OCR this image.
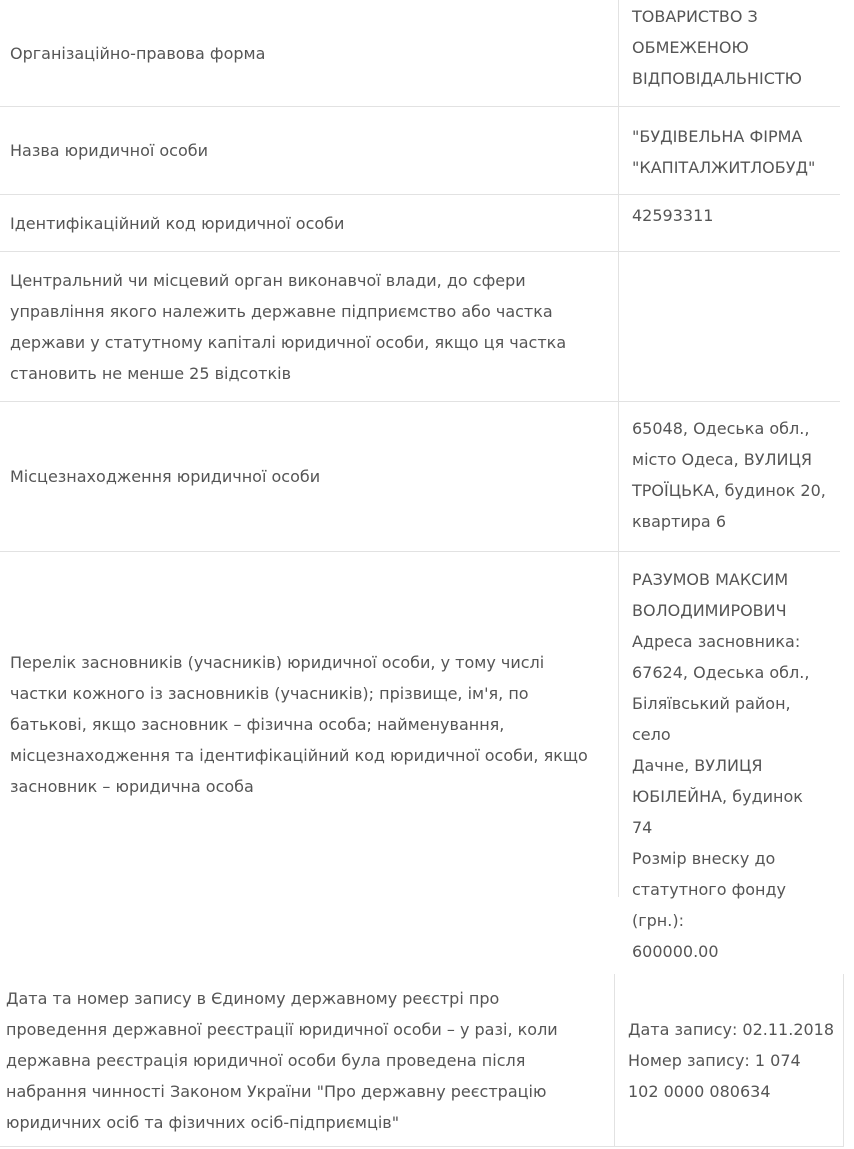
Організаційно-правова форма
ТОВАРИСТВО З
ОБМЕЖЕНОЮ
ВІДПОВІДАЛЬНІСТЮ
Назва юридичної особи
"БУДІВЕЛЬНА ФІРМА
"КАПІТАЛЖИТЛОБУД"
Ідентифікаційний код юридичної особи	42593311
Центральний чи місцевий орган виконавчої влади, до сфери управління якого належить державне підприємство або частка держави у статутному капіталі юридичної особи, якщо ця частка становить не менше 25 відсотків
Місцезнаходження юридичної особи
65048, Одеська обл.,
місто Одеса, ВУЛИЦЯ
ТРОЇЦЬКА, будинок 20,
квартира 6
Перелік засновників (учасників) юридичної особи, у тому числі частки кожного із засновників (учасників); прізвище, ім'я, по батькові, якщо засновник – фізична особа; найменування, місцезнаходження та ідентифікаційний код юридичної особи, якщо засновник – юридична особа
РАЗУМОВ МАКСИМ
ВОЛОДИМИРОВИЧ
Адреса засновника:
67624, Одеська обл.,
Біляївський район, село
Дачне, ВУЛИЦЯ
ЮБІЛЕЙНА, будинок
74
Розмір внеску до
статутного фонду (грн.):
600000.00
Дата та номер запису в Єдиному державному реєстрі про проведення державної реєстрації юридичної особи – у разі, коли державна реєстрація юридичної особи була проведена після набрання чинності Законом України "Про державну реєстрацію юридичних осіб та фізичних осіб-підприємців"
Дата запису: 02.11.2018
Номер запису: 1 074
102 0000 080634
